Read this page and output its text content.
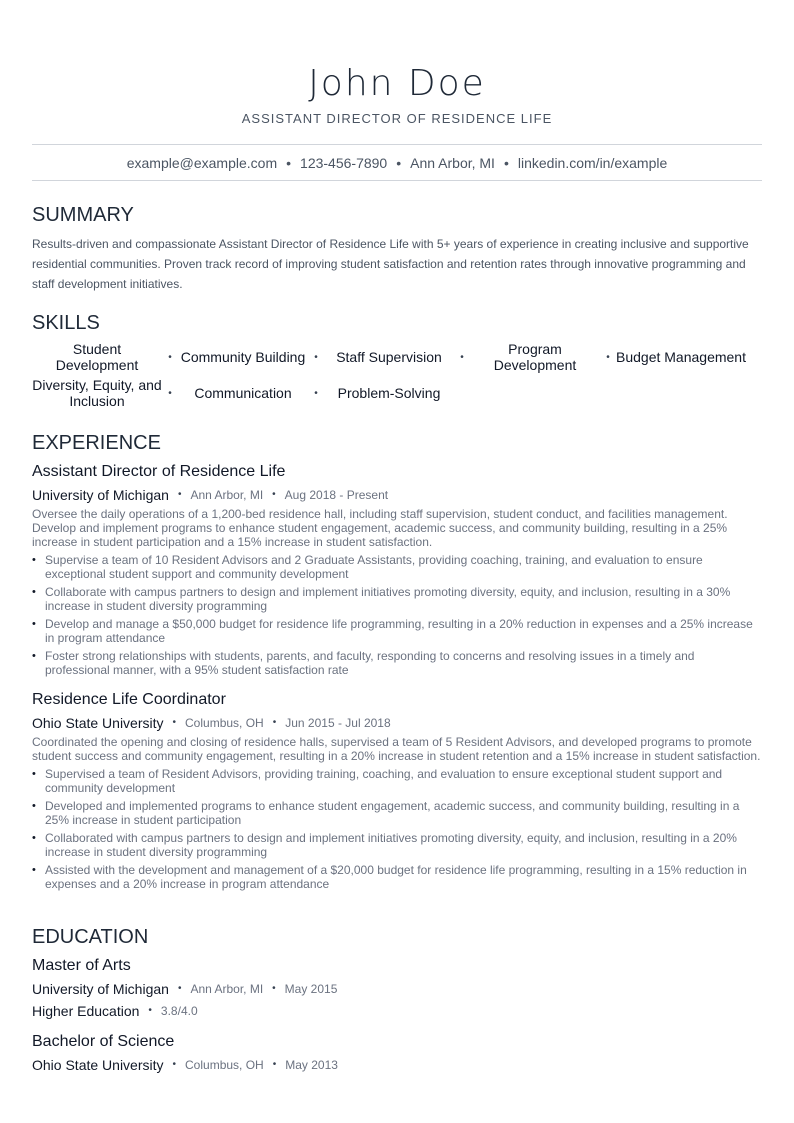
John Doe
ASSISTANT DIRECTOR OF RESIDENCE LIFE
example@example.com • 123-456-7890 • Ann Arbor, MI • linkedin.com/in/example
SUMMARY
Results-driven and compassionate Assistant Director of Residence Life with 5+ years of experience in creating inclusive and supportive residential communities. Proven track record of improving student satisfaction and retention rates through innovative programming and staff development initiatives.
SKILLS
Student Development	• Community Building •	Staff Supervision	•	Program Development	• Budget Management
Diversity, Equity, and Inclusion	•	Communication	•	Problem-Solving
EXPERIENCE
Assistant Director of Residence Life
University of Michigan • Ann Arbor, MI • Aug 2018 - Present
Oversee the daily operations of a 1,200-bed residence hall, including staff supervision, student conduct, and facilities management. Develop and implement programs to enhance student engagement, academic success, and community building, resulting in a 25% increase in student participation and a 15% increase in student satisfaction.
• Supervise a team of 10 Resident Advisors and 2 Graduate Assistants, providing coaching, training, and evaluation to ensure exceptional student support and community development
• Collaborate with campus partners to design and implement initiatives promoting diversity, equity, and inclusion, resulting in a 30% increase in student diversity programming
• Develop and manage a $50,000 budget for residence life programming, resulting in a 20% reduction in expenses and a 25% increase in program attendance
• Foster strong relationships with students, parents, and faculty, responding to concerns and resolving issues in a timely and professional manner, with a 95% student satisfaction rate
Residence Life Coordinator
Ohio State University • Columbus, OH • Jun 2015 - Jul 2018
Coordinated the opening and closing of residence halls, supervised a team of 5 Resident Advisors, and developed programs to promote student success and community engagement, resulting in a 20% increase in student retention and a 15% increase in student satisfaction.
• Supervised a team of Resident Advisors, providing training, coaching, and evaluation to ensure exceptional student support and community development
• Developed and implemented programs to enhance student engagement, academic success, and community building, resulting in a 25% increase in student participation
• Collaborated with campus partners to design and implement initiatives promoting diversity, equity, and inclusion, resulting in a 20% increase in student diversity programming
• Assisted with the development and management of a $20,000 budget for residence life programming, resulting in a 15% reduction in expenses and a 20% increase in program attendance
EDUCATION
Master of Arts
University of Michigan • Ann Arbor, MI • May 2015
Higher Education • 3.8/4.0
Bachelor of Science
Ohio State University • Columbus, OH • May 2013
